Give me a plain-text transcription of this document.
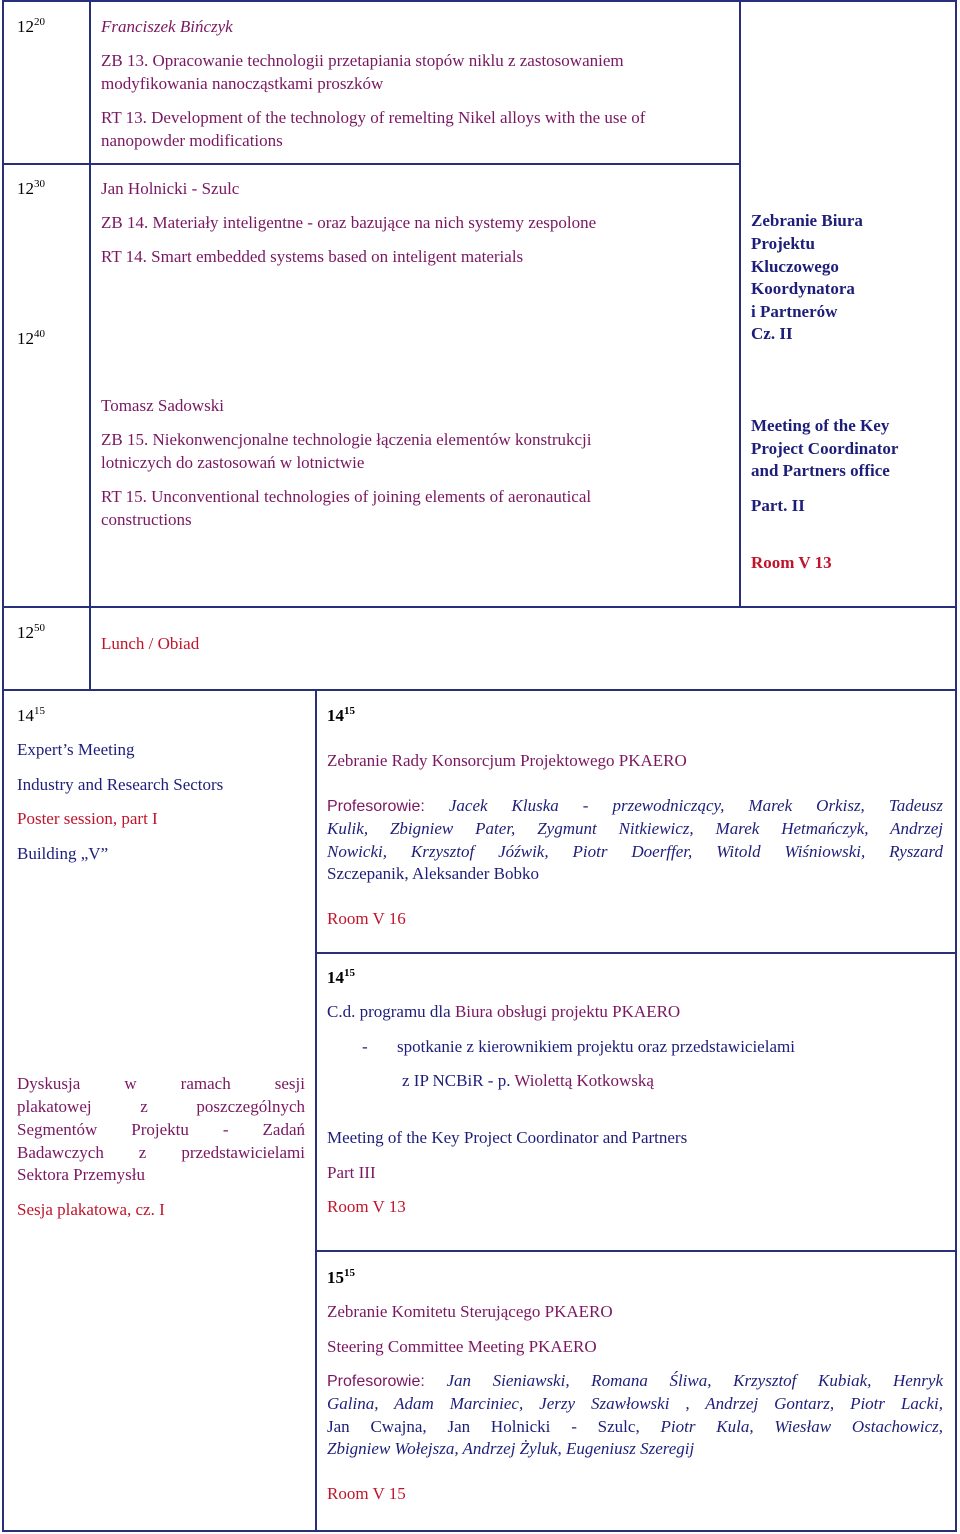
$12^{20}$	Franciszek Bińczyk
ZB 13. Opracowanie technologii przetapiania stopów niklu z zastosowaniem modyfikowania nanocząstkami proszków
RT 13. Development of the technology of remelting Nikel alloys with the use of nanopowder modifications
$12^{30}$	Jan Holnicki - Szulc
ZB 14. Materiały inteligentne - oraz bazujące na nich systemy zespolone
RT 14. Smart embedded systems based on inteligent materials
$12^{40}$
Tomasz Sadowski
ZB 15. Niekonwencjonalne technologie łączenia elementów konstrukcji
lotniczych do zastosowań w lotnictwie
RT 15. Unconventional technologies of joining elements of aeronautical
constructions
Zebranie Biura
Projektu
Kluczowego
Koordynatora
i Partnerów
Cz. II
Meeting of the Key
Project Coordinator
and Partners office
Part. II
Room V 13
$12^{50}$
Lunch / Obiad
$14^{15}$
Expert’s Meeting
Industry and Research Sectors
Poster session, part I
Building „V”
Dyskusja w ramach sesji
plakatowej z poszczególnych
Segmentów Projektu - Zadań
Badawczych z przedstawicielami
Sektora Przemysłu
Sesja plakatowa, cz. I
$14^{15}$
Zebranie Rady Konsorcjum Projektowego PKAERO
Profesorowie: Jacek Kluska - przewodniczący, Marek Orkisz, Tadeusz
Kulik, Zbigniew Pater, Zygmunt Nitkiewicz, Marek Hetmańczyk, Andrzej
Nowicki, Krzysztof Jóźwik, Piotr Doerffer, Witold Wiśniowski, Ryszard
Szczepanik, Aleksander Bobko
Room V 16
$14^{15}$
C.d. programu dla Biura obsługi projektu PKAERO
- spotkanie z kierownikiem projektu oraz przedstawicielami
z IP NCBiR - p. Wiolettą Kotkowską
Meeting of the Key Project Coordinator and Partners
Part III
Room V 13
$15^{15}$
Zebranie Komitetu Sterującego PKAERO
Steering Committee Meeting PKAERO
Profesorowie: Jan Sieniawski, Romana Śliwa, Krzysztof Kubiak, Henryk
Galina, Adam Marciniec, Jerzy Szawłowski , Andrzej Gontarz, Piotr Lacki,
Jan Cwajna, Jan Holnicki - Szulc, Piotr Kula, Wiesław Ostachowicz,
Zbigniew Wołejsza, Andrzej Żyluk, Eugeniusz Szeregij
Room V 15
